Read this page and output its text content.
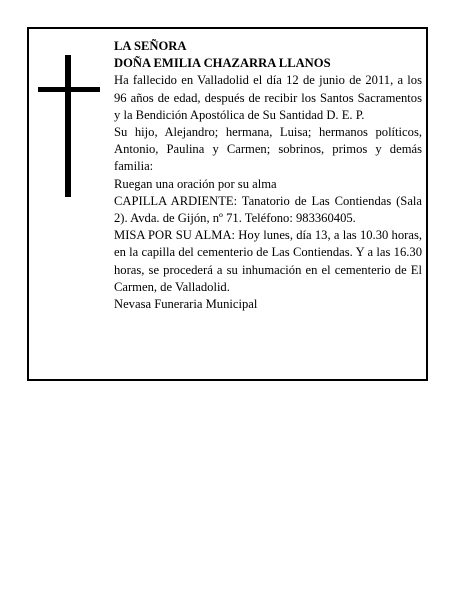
LA SEÑORA

DOÑA EMILIA CHAZARRA LLANOS

Ha fallecido en Valladolid el día 12 de junio de 2011, a los 96 años de edad, después de recibir los Santos Sacramentos y la Bendición Apostólica de Su Santidad D. E. P.

Su hijo, Alejandro; hermana, Luisa; hermanos políticos, Antonio, Paulina y Carmen; sobrinos, primos y demás familia:

Ruegan una oración por su alma

CAPILLA ARDIENTE: Tanatorio de Las Contiendas (Sala 2). Avda. de Gijón, nº 71. Teléfono: 983360405.

MISA POR SU ALMA: Hoy lunes, día 13, a las 10.30 horas, en la capilla del cementerio de Las Contiendas. Y a las 16.30 horas, se procederá a su inhumación en el cementerio de El Carmen, de Valladolid.

Nevasa Funeraria Municipal
